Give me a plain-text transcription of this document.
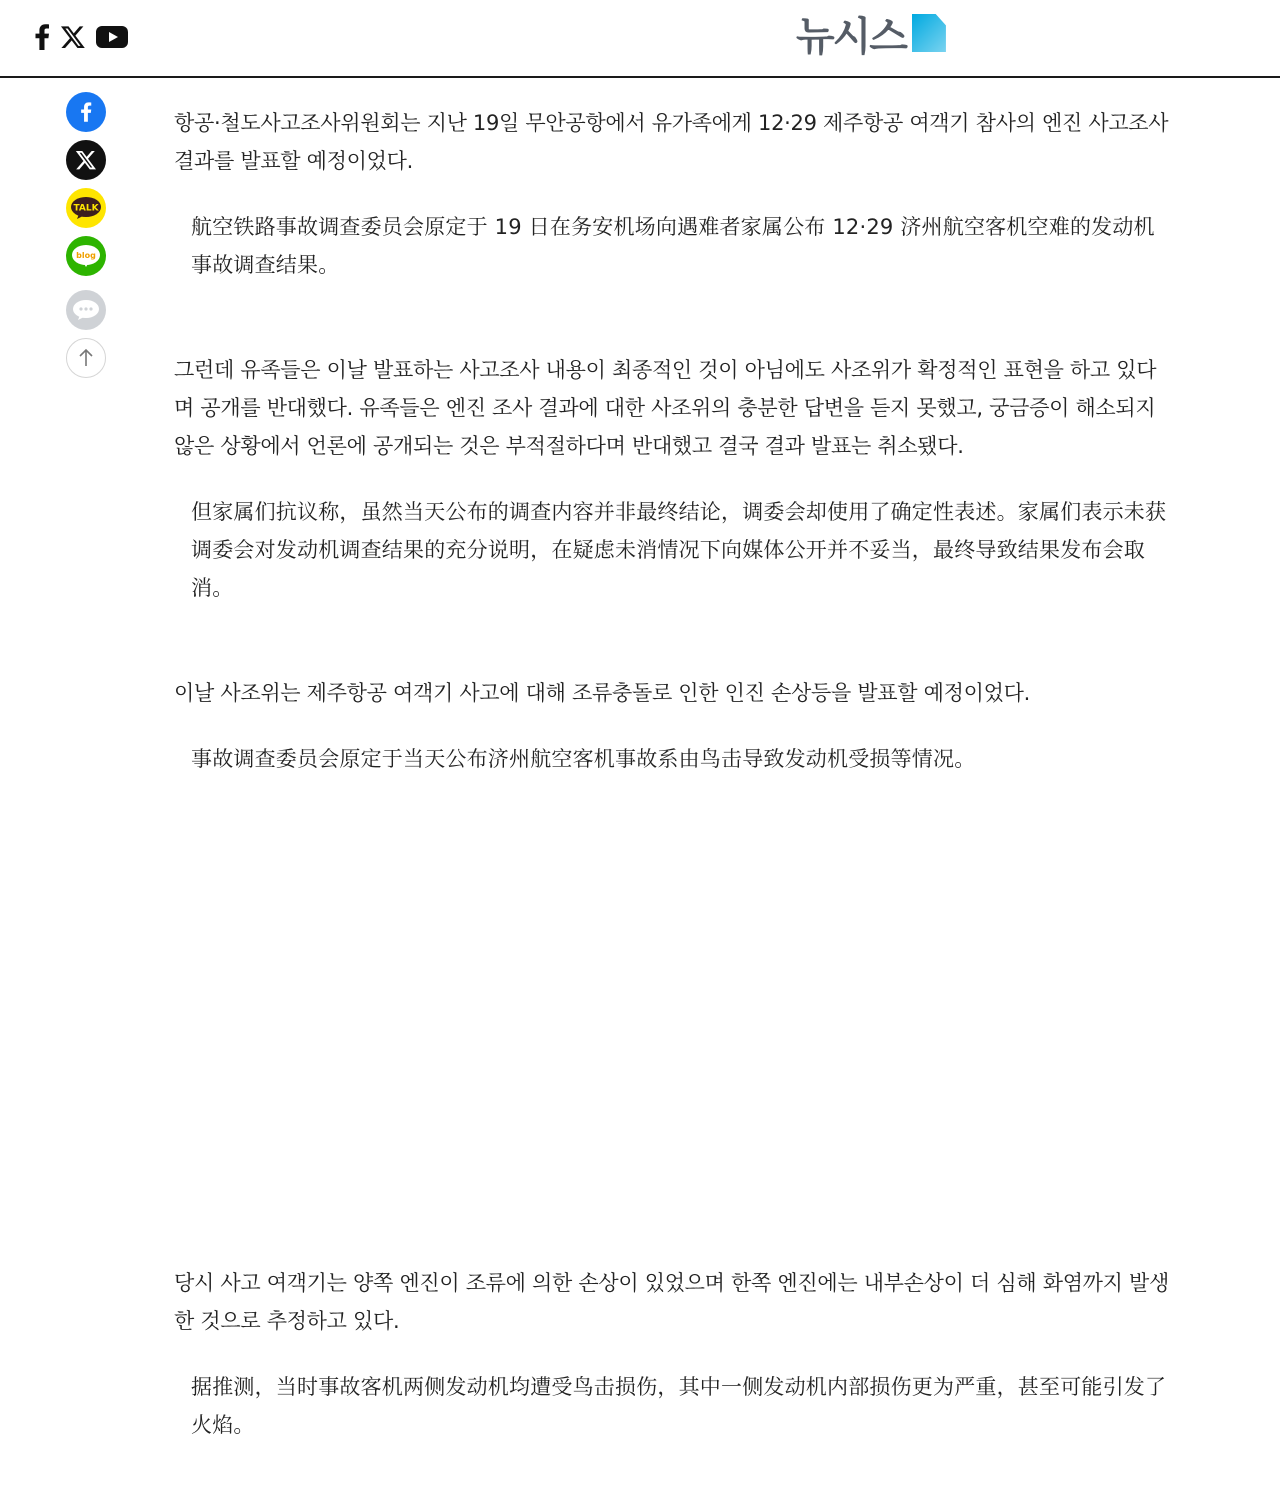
뉴시스
TALK
blog

항공·철도사고조사위원회는 지난 19일 무안공항에서 유가족에게 12·29 제주항공 여객기 참사의 엔진 사고조사 결과를 발표할 예정이었다.

航空铁路事故调查委员会原定于 19 日在务安机场向遇难者家属公布 12·29 济州航空客机空难的发动机事故调查结果。

그런데 유족들은 이날 발표하는 사고조사 내용이 최종적인 것이 아님에도 사조위가 확정적인 표현을 하고 있다며 공개를 반대했다. 유족들은 엔진 조사 결과에 대한 사조위의 충분한 답변을 듣지 못했고, 궁금증이 해소되지 않은 상황에서 언론에 공개되는 것은 부적절하다며 반대했고 결국 결과 발표는 취소됐다.

但家属们抗议称，虽然当天公布的调查内容并非最终结论，调委会却使用了确定性表述。家属们表示未获调委会对发动机调查结果的充分说明，在疑虑未消情况下向媒体公开并不妥当，最终导致结果发布会取消。

이날 사조위는 제주항공 여객기 사고에 대해 조류충돌로 인한 인진 손상등을 발표할 예정이었다.

事故调查委员会原定于当天公布济州航空客机事故系由鸟击导致发动机受损等情况。

당시 사고 여객기는 양쪽 엔진이 조류에 의한 손상이 있었으며 한쪽 엔진에는 내부손상이 더 심해 화염까지 발생한 것으로 추정하고 있다.

据推测，当时事故客机两侧发动机均遭受鸟击损伤，其中一侧发动机内部损伤更为严重，甚至可能引发了火焰。
